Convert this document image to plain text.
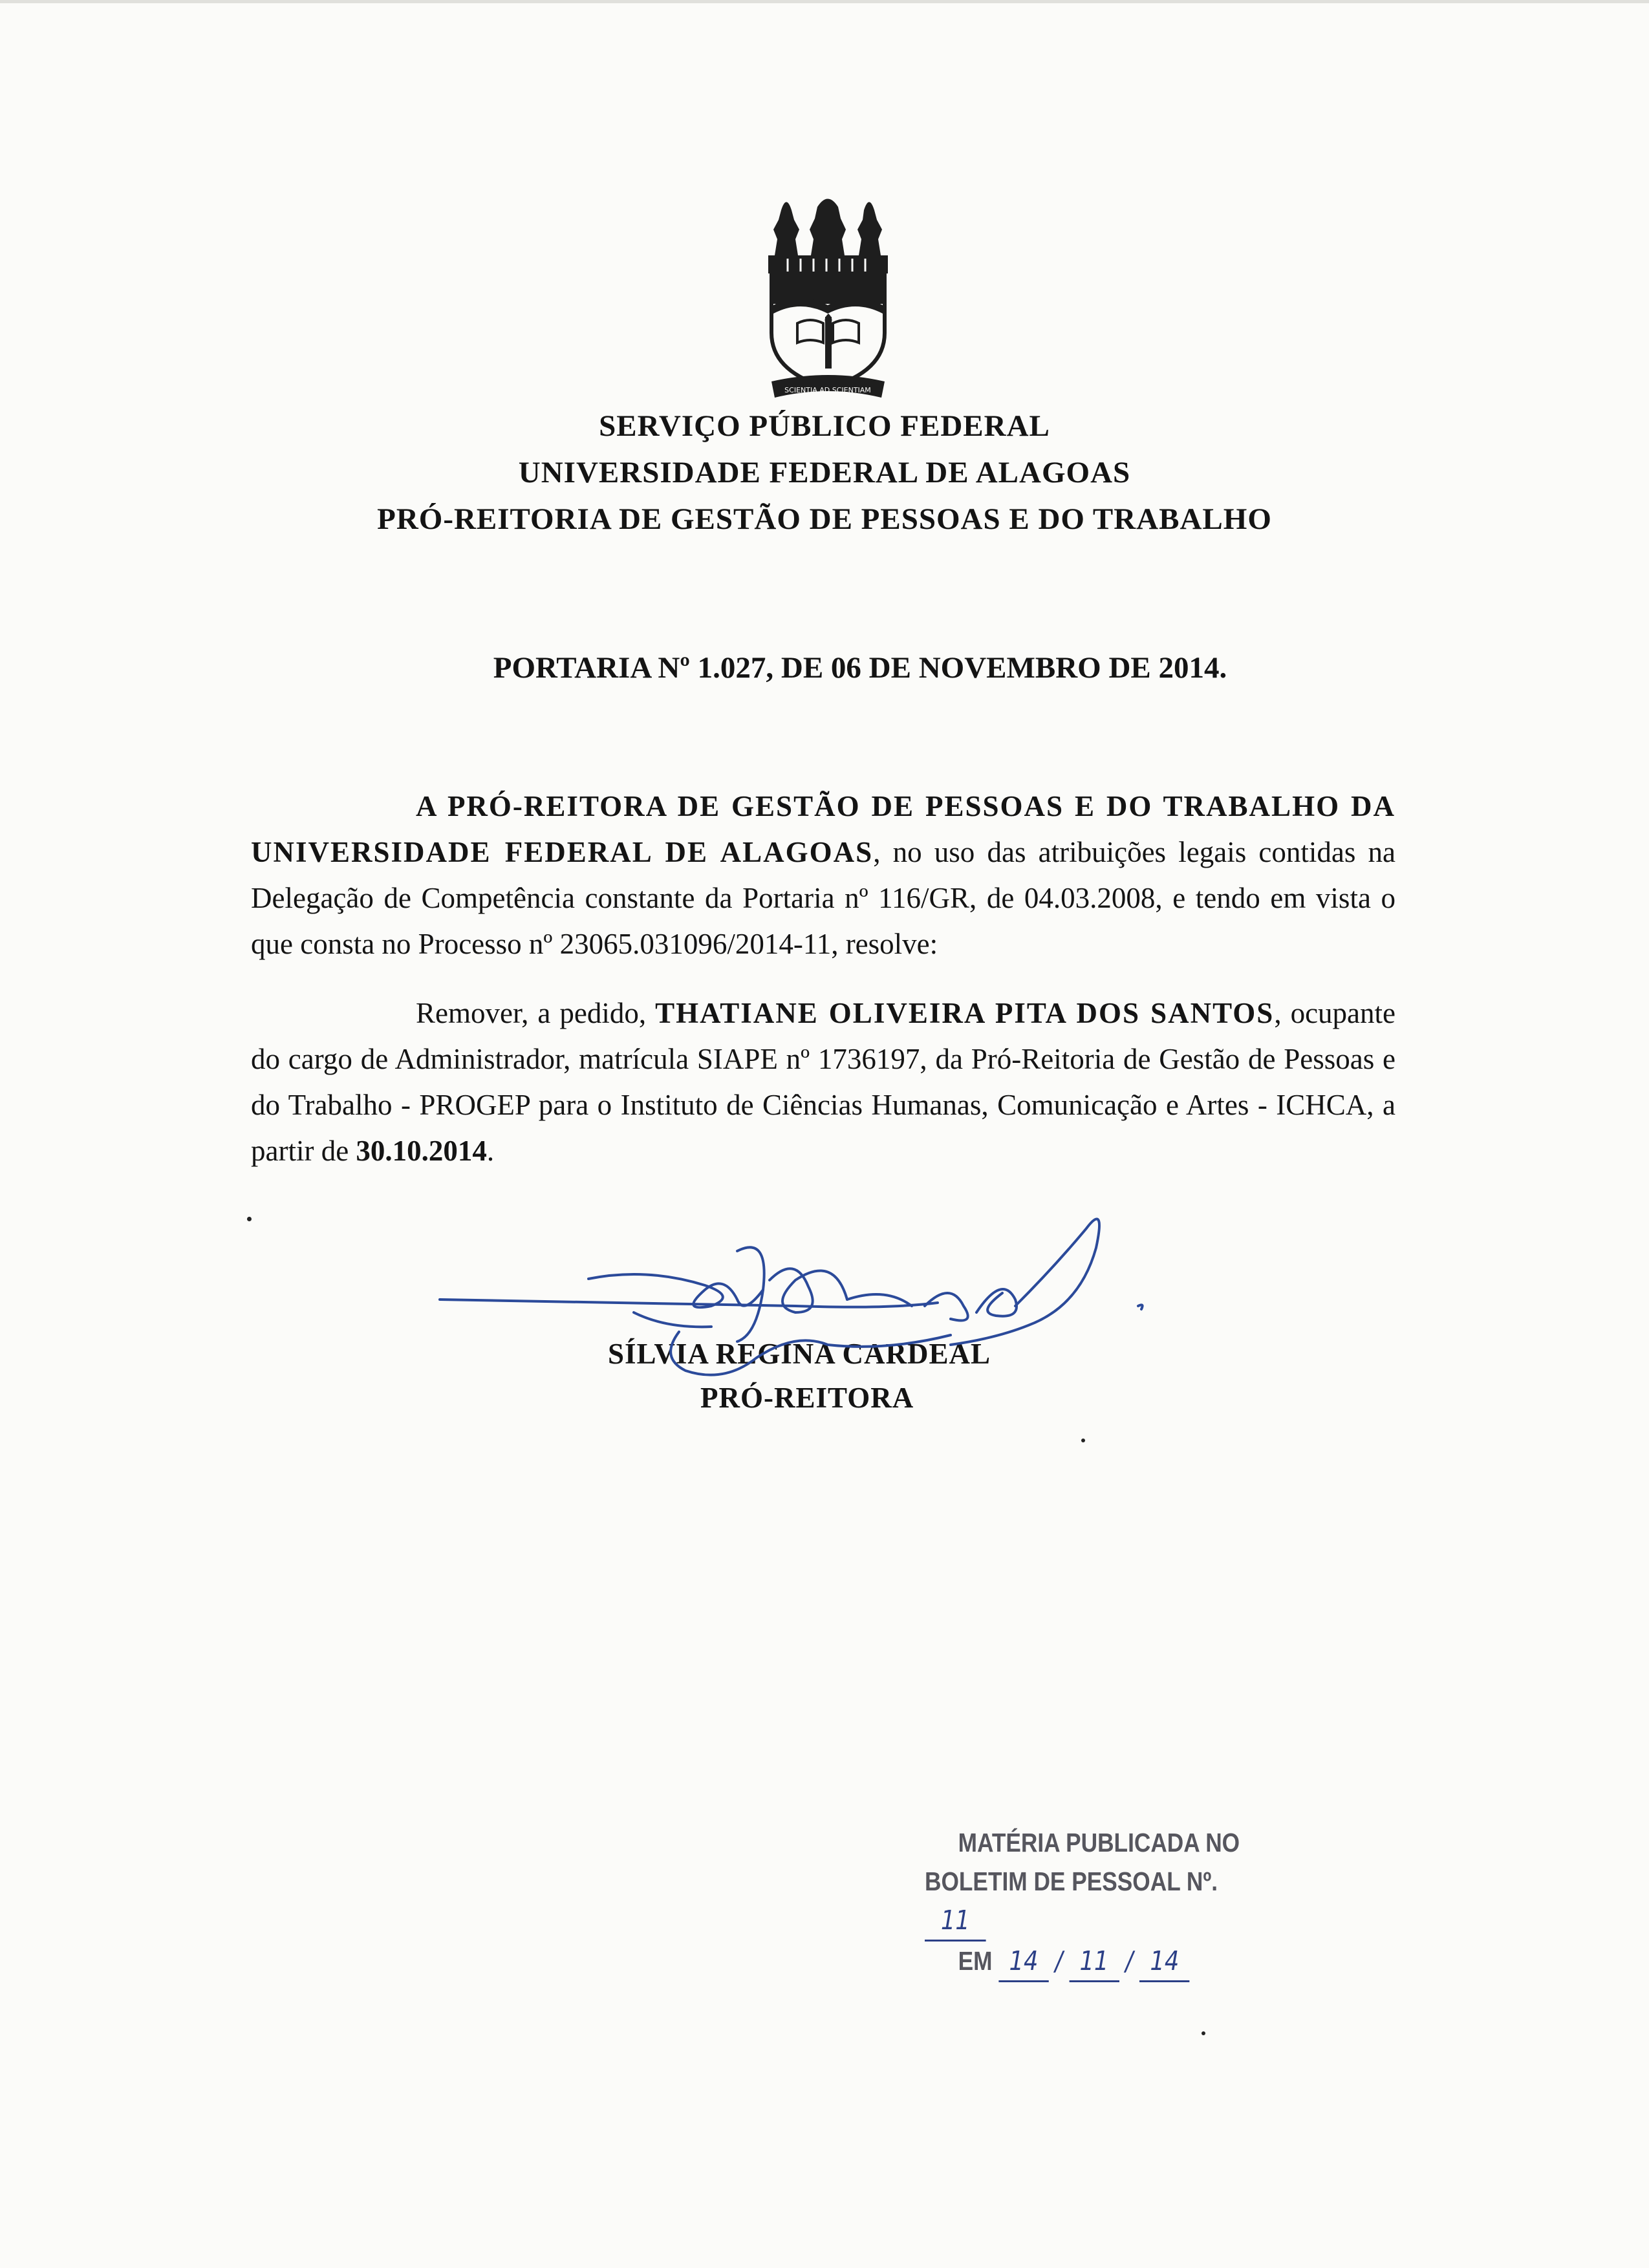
SCIENTIA AD SCIENTIAM
SERVIÇO PÚBLICO FEDERAL
UNIVERSIDADE FEDERAL DE ALAGOAS
PRÓ-REITORIA DE GESTÃO DE PESSOAS E DO TRABALHO
PORTARIA Nº 1.027, DE 06 DE NOVEMBRO DE 2014.
A PRÓ-REITORA DE GESTÃO DE PESSOAS E DO TRABALHO DA UNIVERSIDADE FEDERAL DE ALAGOAS, no uso das atribuições legais contidas na Delegação de Competência constante da Portaria nº 116/GR, de 04.03.2008, e tendo em vista o que consta no Processo nº 23065.031096/2014-11, resolve:
Remover, a pedido, THATIANE OLIVEIRA PITA DOS SANTOS, ocupante do cargo de Administrador, matrícula SIAPE nº 1736197, da Pró-Reitoria de Gestão de Pessoas e do Trabalho - PROGEP para o Instituto de Ciências Humanas, Comunicação e Artes - ICHCA, a partir de 30.10.2014.
SÍLVIA REGINA CARDEAL
PRÓ-REITORA
MATÉRIA PUBLICADA NO
BOLETIM DE PESSOAL Nº. 11
EM 14 / 11 / 14
